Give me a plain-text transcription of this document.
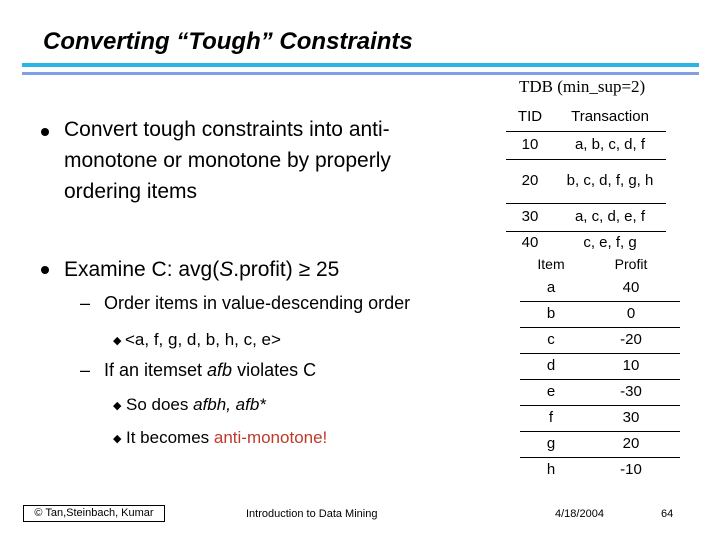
Converting “Tough” Constraints
TDB (min_sup=2)
Convert tough constraints into anti-monotone or monotone by properly ordering items
Examine C: avg(S.profit) ≥ 25
– Order items in value-descending order
◆ <a, f, g, d, b, h, c, e>
– If an itemset afb violates C
◆ So does afbh, afb*
◆ It becomes anti-monotone!
TID	Transaction
10	a, b, c, d, f
20	b, c, d, f, g, h
30	a, c, d, e, f
40	c, e, f, g
Item	Profit
a	40
b	0
c	-20
d	10
e	-30
f	30
g	20
h	-10
© Tan,Steinbach, Kumar	Introduction to Data Mining	4/18/2004	64
